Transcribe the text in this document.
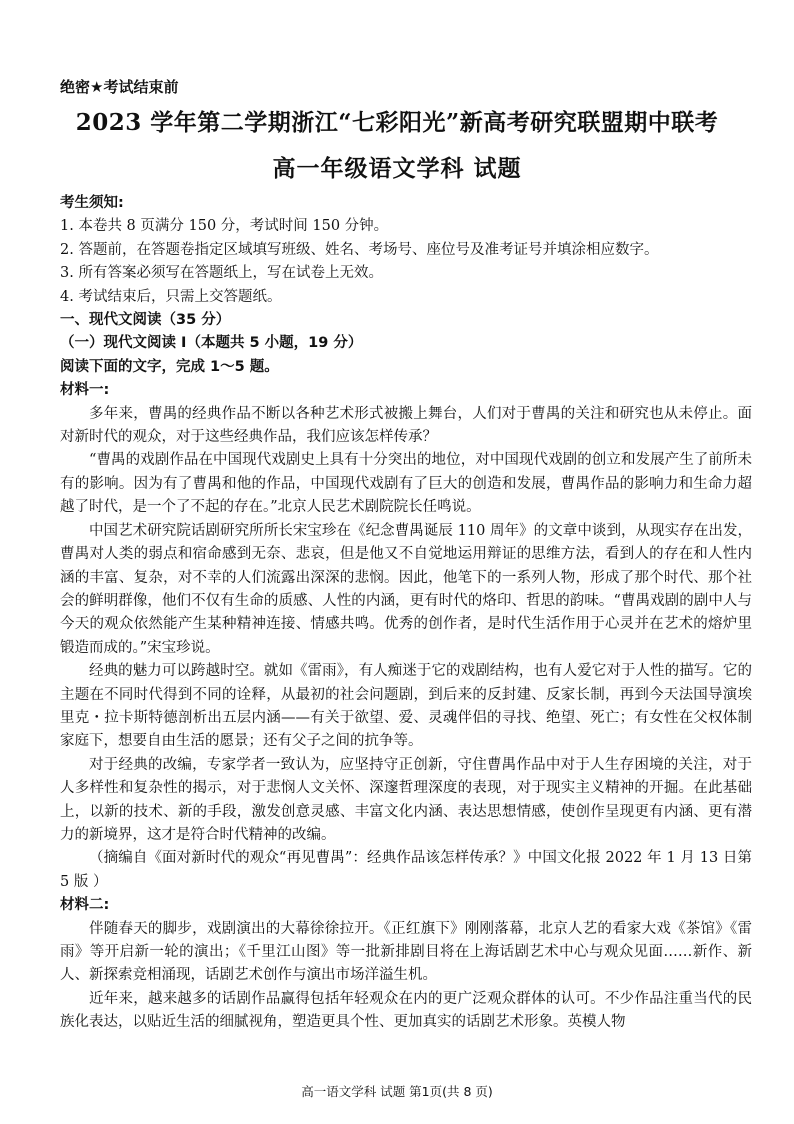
绝密★考试结束前
2023 学年第二学期浙江“七彩阳光”新高考研究联盟期中联考
高一年级语文学科 试题

考生须知:

1. 本卷共 8 页满分 150 分，考试时间 150 分钟。

2. 答题前，在答题卷指定区域填写班级、姓名、考场号、座位号及准考证号并填涂相应数字。

3. 所有答案必须写在答题纸上，写在试卷上无效。

4. 考试结束后，只需上交答题纸。

一、现代文阅读（35 分）

（一）现代文阅读 I（本题共 5 小题，19 分）

阅读下面的文字，完成 1～5 题。

材料一:

多年来，曹禺的经典作品不断以各种艺术形式被搬上舞台，人们对于曹禺的关注和研究也从未停止。面对新时代的观众，对于这些经典作品，我们应该怎样传承？

“曹禺的戏剧作品在中国现代戏剧史上具有十分突出的地位，对中国现代戏剧的创立和发展产生了前所未有的影响。因为有了曹禺和他的作品，中国现代戏剧有了巨大的创造和发展，曹禺作品的影响力和生命力超越了时代，是一个了不起的存在。”北京人民艺术剧院院长任鸣说。

中国艺术研究院话剧研究所所长宋宝珍在《纪念曹禺诞辰 110 周年》的文章中谈到，从现实存在出发，曹禺对人类的弱点和宿命感到无奈、悲哀，但是他又不自觉地运用辩证的思维方法，看到人的存在和人性内涵的丰富、复杂，对不幸的人们流露出深深的悲悯。因此，他笔下的一系列人物，形成了那个时代、那个社会的鲜明群像，他们不仅有生命的质感、人性的内涵，更有时代的烙印、哲思的韵味。“曹禺戏剧的剧中人与今天的观众依然能产生某种精神连接、情感共鸣。优秀的创作者，是时代生活作用于心灵并在艺术的熔炉里锻造而成的。”宋宝珍说。

经典的魅力可以跨越时空。就如《雷雨》，有人痴迷于它的戏剧结构，也有人爱它对于人性的描写。它的主题在不同时代得到不同的诠释，从最初的社会问题剧，到后来的反封建、反家长制，再到今天法国导演埃里克・拉卡斯特德剖析出五层内涵——有关于欲望、爱、灵魂伴侣的寻找、绝望、死亡；有女性在父权体制家庭下，想要自由生活的愿景；还有父子之间的抗争等。

对于经典的改编，专家学者一致认为，应坚持守正创新，守住曹禺作品中对于人生存困境的关注，对于人多样性和复杂性的揭示，对于悲悯人文关怀、深邃哲理深度的表现，对于现实主义精神的开掘。在此基础上，以新的技术、新的手段，激发创意灵感、丰富文化内涵、表达思想情感，使创作呈现更有内涵、更有潜力的新境界，这才是符合时代精神的改编。

（摘编自《面对新时代的观众“再见曹禺”：经典作品该怎样传承？》中国文化报 2022 年 1 月 13 日第 5 版 ）

材料二:

伴随春天的脚步，戏剧演出的大幕徐徐拉开。《正红旗下》刚刚落幕，北京人艺的看家大戏《茶馆》《雷雨》等开启新一轮的演出；《千里江山图》等一批新排剧目将在上海话剧艺术中心与观众见面……新作、新人、新探索竞相涌现，话剧艺术创作与演出市场洋溢生机。

近年来，越来越多的话剧作品赢得包括年轻观众在内的更广泛观众群体的认可。不少作品注重当代的民族化表达，以贴近生活的细腻视角，塑造更具个性、更加真实的话剧艺术形象。英模人物

高一语文学科 试题 第1页(共 8 页)
